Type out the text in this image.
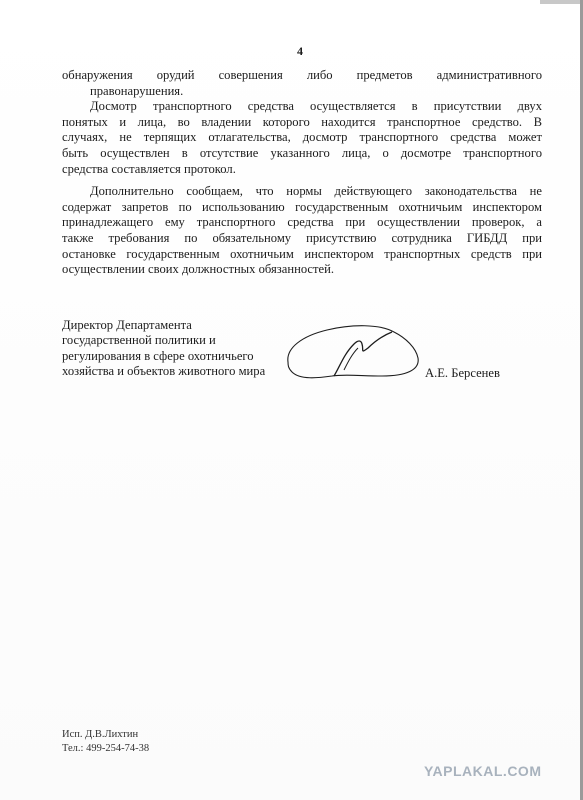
4
обнаружения орудий совершения либо предметов административного
правонарушения.
Досмотр транспортного средства осуществляется в присутствии двух
понятых и лица, во владении которого находится транспортное средство. В
случаях, не терпящих отлагательства, досмотр транспортного средства может
быть осуществлен в отсутствие указанного лица, о досмотре транспортного
средства составляется протокол.
Дополнительно сообщаем, что нормы действующего законодательства не
содержат запретов по использованию государственным охотничьим инспектором
принадлежащего ему транспортного средства при осуществлении проверок, а
также требования по обязательному присутствию сотрудника ГИБДД при
остановке государственным охотничьим инспектором транспортных средств при
осуществлении своих должностных обязанностей.
Директор Департамента
государственной политики и
регулирования в сфере охотничьего
хозяйства и объектов животного мира	А.Е. Берсенев
Исп. Д.В.Лихтин
Тел.: 499-254-74-38
YAPLAKAL.COM
